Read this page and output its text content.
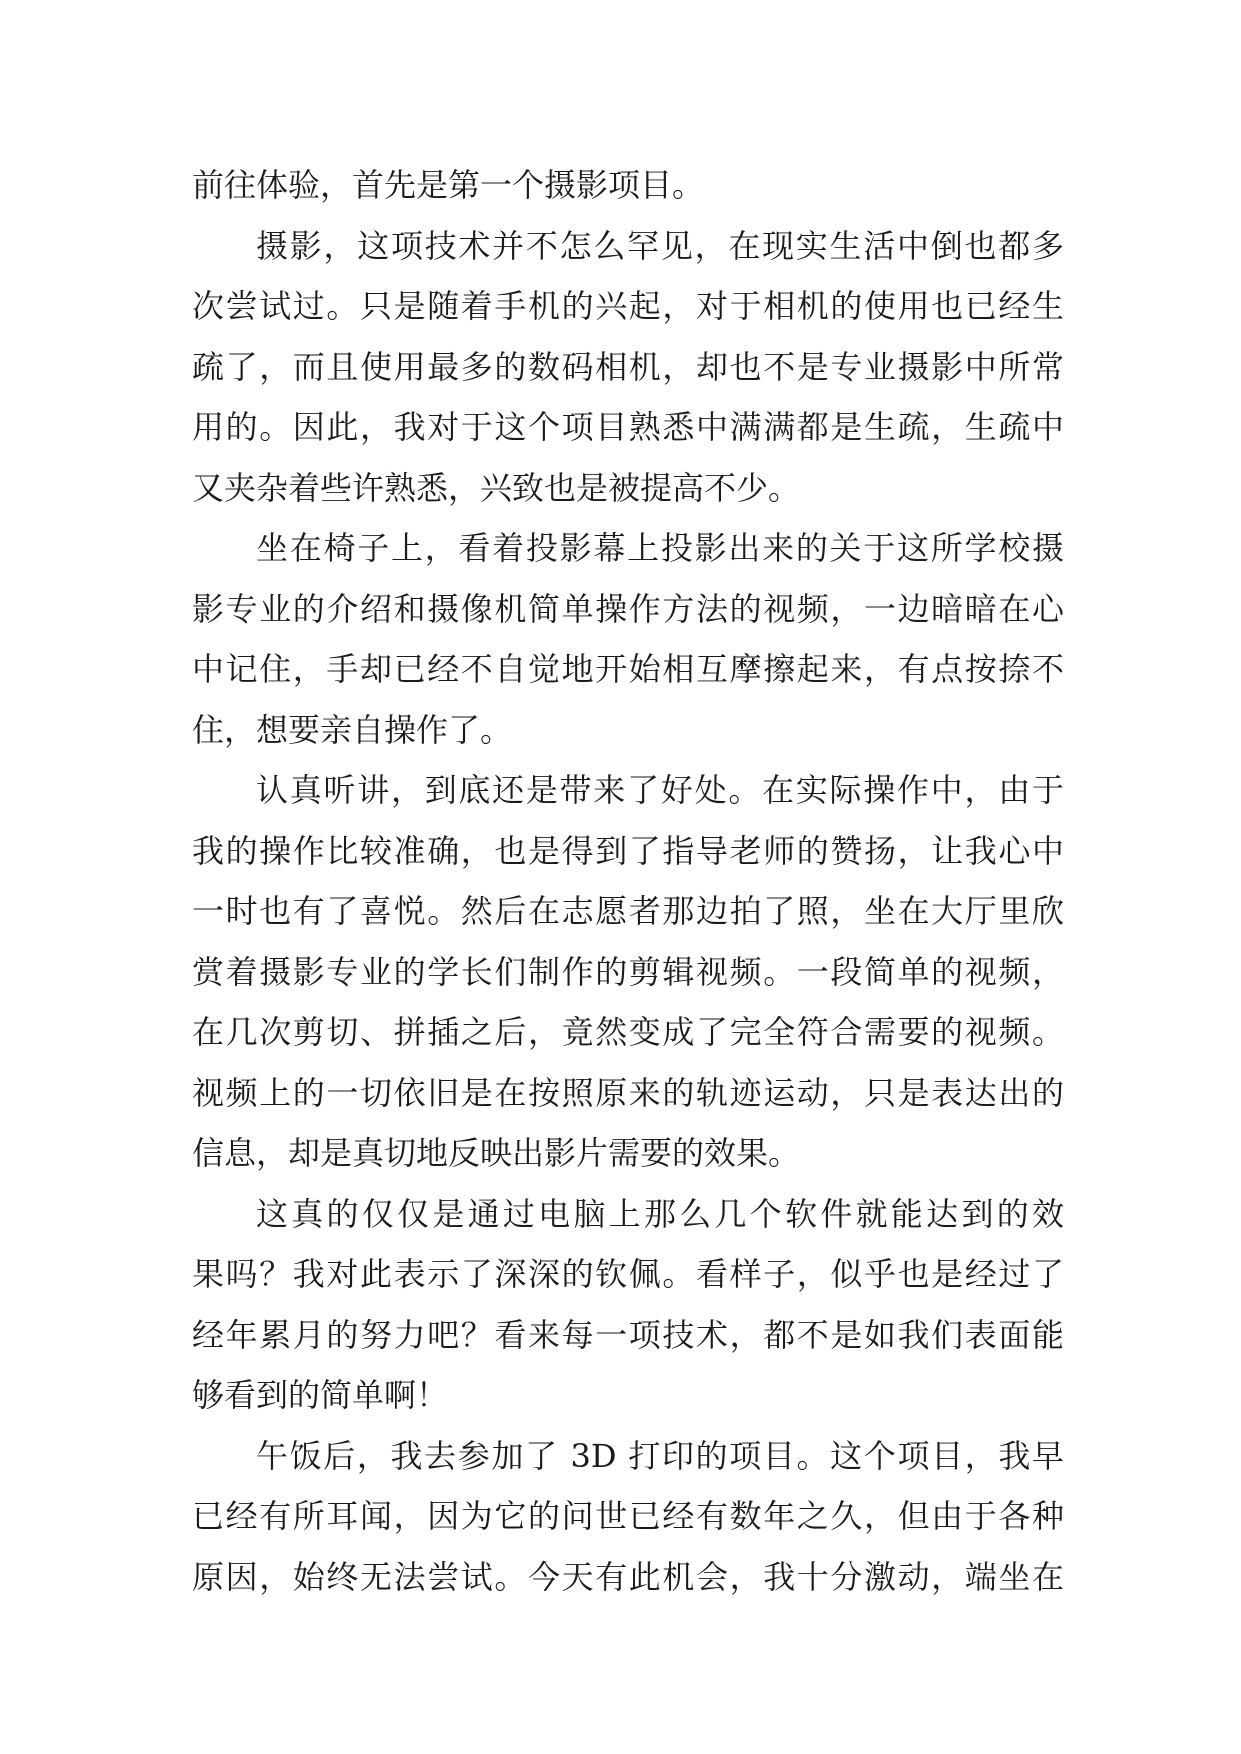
前往体验，首先是第一个摄影项目。
摄影，这项技术并不怎么罕见，在现实生活中倒也都多
次尝试过。只是随着手机的兴起，对于相机的使用也已经生
疏了，而且使用最多的数码相机，却也不是专业摄影中所常
用的。因此，我对于这个项目熟悉中满满都是生疏，生疏中
又夹杂着些许熟悉，兴致也是被提高不少。
坐在椅子上，看着投影幕上投影出来的关于这所学校摄
影专业的介绍和摄像机简单操作方法的视频，一边暗暗在心
中记住，手却已经不自觉地开始相互摩擦起来，有点按捺不
住，想要亲自操作了。
认真听讲，到底还是带来了好处。在实际操作中，由于
我的操作比较准确，也是得到了指导老师的赞扬，让我心中
一时也有了喜悦。然后在志愿者那边拍了照，坐在大厅里欣
赏着摄影专业的学长们制作的剪辑视频。一段简单的视频，
在几次剪切、拼插之后，竟然变成了完全符合需要的视频。
视频上的一切依旧是在按照原来的轨迹运动，只是表达出的
信息，却是真切地反映出影片需要的效果。
这真的仅仅是通过电脑上那么几个软件就能达到的效
果吗？我对此表示了深深的钦佩。看样子，似乎也是经过了
经年累月的努力吧？看来每一项技术，都不是如我们表面能
够看到的简单啊！
午饭后，我去参加了 3D 打印的项目。这个项目，我早
已经有所耳闻，因为它的问世已经有数年之久，但由于各种
原因，始终无法尝试。今天有此机会，我十分激动，端坐在
